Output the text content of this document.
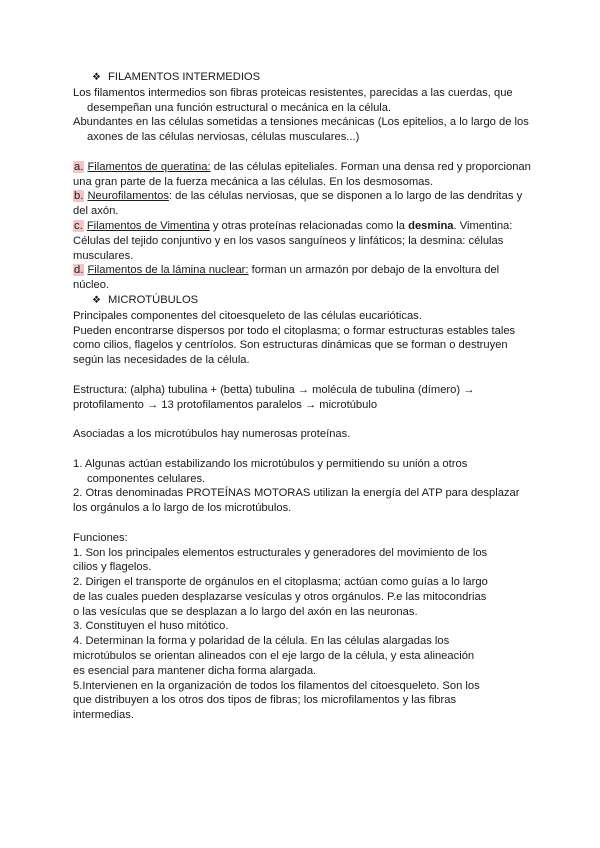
❖ FILAMENTOS INTERMEDIOS

Los filamentos intermedios son fibras proteicas resistentes, parecidas a las cuerdas, que

desempeñan una función estructural o mecánica en la célula.

Abundantes en las células sometidas a tensiones mecánicas (Los epitelios, a lo largo de los

axones de las células nerviosas, células musculares...)

a. Filamentos de queratina: de las células epiteliales. Forman una densa red y proporcionan

una gran parte de la fuerza mecánica a las células. En los desmosomas.

b. Neurofilamentos: de las células nerviosas, que se disponen a lo largo de las dendritas y

del axón.

c. Filamentos de Vimentina y otras proteínas relacionadas como la desmina. Vimentina:

Células del tejido conjuntivo y en los vasos sanguíneos y linfáticos; la desmina: células

musculares.

d. Filamentos de la lámina nuclear: forman un armazón por debajo de la envoltura del

núcleo.

❖ MICROTÚBULOS

Principales componentes del citoesqueleto de las células eucarióticas.

Pueden encontrarse dispersos por todo el citoplasma; o formar estructuras estables tales

como cilios, flagelos y centríolos. Son estructuras dinámicas que se forman o destruyen

según las necesidades de la célula.

Estructura: (alpha) tubulina + (betta) tubulina → molécula de tubulina (dímero) →

protofilamento → 13 protofilamentos paralelos → microtúbulo

Asociadas a los microtúbulos hay numerosas proteínas.

1. Algunas actúan estabilizando los microtúbulos y permitiendo su unión a otros

componentes celulares.

2. Otras denominadas PROTEÍNAS MOTORAS utilizan la energía del ATP para desplazar

los orgánulos a lo largo de los microtúbulos.

Funciones:

1. Son los principales elementos estructurales y generadores del movimiento de los

cilios y flagelos.

2. Dirigen el transporte de orgánulos en el citoplasma; actúan como guías a lo largo

de las cuales pueden desplazarse vesículas y otros orgánulos. P.e las mitocondrias

o las vesículas que se desplazan a lo largo del axón en las neuronas.

3. Constituyen el huso mitótico.

4. Determinan la forma y polaridad de la célula. En las células alargadas los

microtúbulos se orientan alineados con el eje largo de la célula, y esta alineación

es esencial para mantener dicha forma alargada.

5.Intervienen en la organización de todos los filamentos del citoesqueleto. Son los

que distribuyen a los otros dos tipos de fibras; los microfilamentos y las fibras

intermedias.
